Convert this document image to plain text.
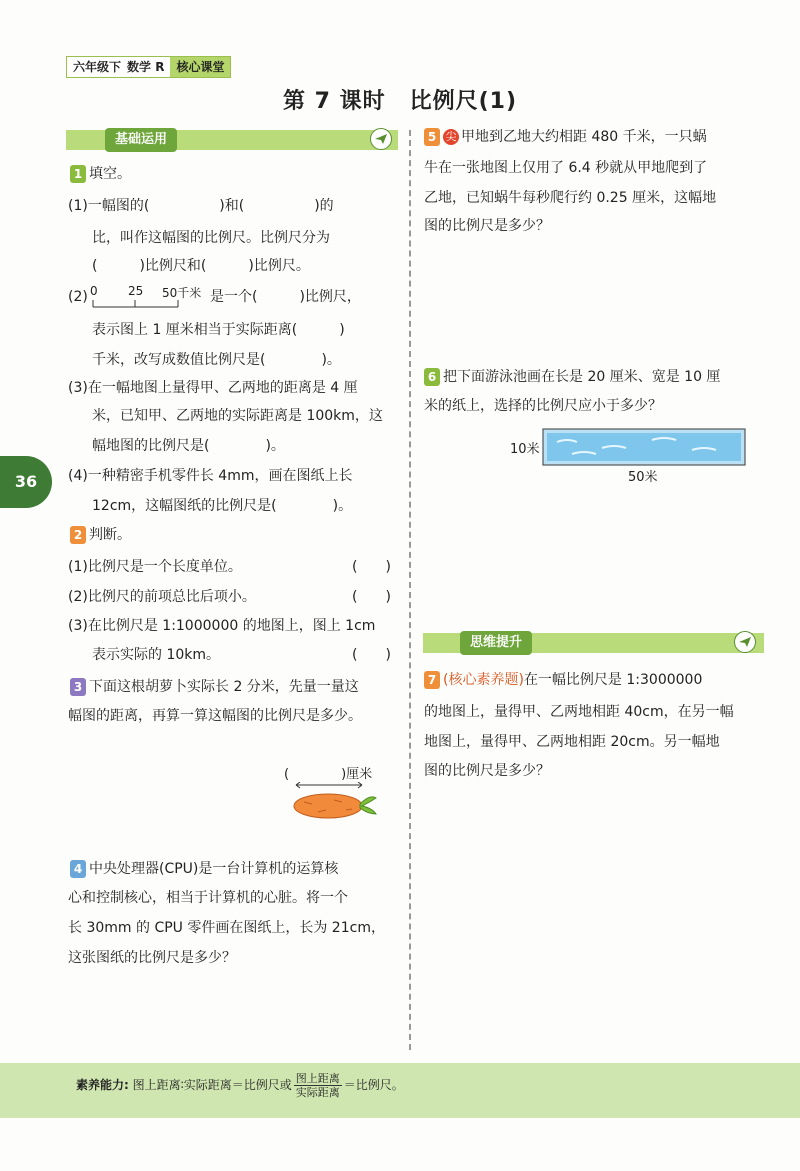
六年级下 数学 R	核心课堂
第 7 课时 比例尺(1)
基础运用
思维提升
36
1 填空。
(1)一幅图的(　　　　　)和(　　　　　)的
比，叫作这幅图的比例尺。比例尺分为
(　　　)比例尺和(　　　)比例尺。
(2) 0	25 50千米 是一个(　　　)比例尺，
表示图上 1 厘米相当于实际距离(　　　)
千米，改写成数值比例尺是(　　　　)。
(3)在一幅地图上量得甲、乙两地的距离是 4 厘
米，已知甲、乙两地的实际距离是 100km，这
幅地图的比例尺是(　　　　)。
(4)一种精密手机零件长 4mm，画在图纸上长
12cm，这幅图纸的比例尺是(　　　　)。
2 判断。
(1)比例尺是一个长度单位。	(　　)
(2)比例尺的前项总比后项小。	(　　)
(3)在比例尺是 1:1000000 的地图上，图上 1cm
表示实际的 10km。	(　　)
3 下面这根胡萝卜实际长 2 分米，先量一量这
幅图的距离，再算一算这幅图的比例尺是多少。
(　　　　)厘米
4 中央处理器(CPU)是一台计算机的运算核
心和控制核心，相当于计算机的心脏。将一个
长 30mm 的 CPU 零件画在图纸上，长为 21cm，
这张图纸的比例尺是多少？
5 尖 甲地到乙地大约相距 480 千米，一只蜗
牛在一张地图上仅用了 6.4 秒就从甲地爬到了
乙地，已知蜗牛每秒爬行约 0.25 厘米，这幅地
图的比例尺是多少？
6 把下面游泳池画在长是 20 厘米、宽是 10 厘
米的纸上，选择的比例尺应小于多少？
10米
50米
7 (核心素养题)在一幅比例尺是 1:3000000
的地图上，量得甲、乙两地相距 40cm，在另一幅
地图上，量得甲、乙两地相距 20cm。另一幅地
图的比例尺是多少？
素养能力: 图上距离∶实际距离＝比例尺或 $\frac{\text{图上距离}}{\text{实际距离}}$ ＝比例尺。
